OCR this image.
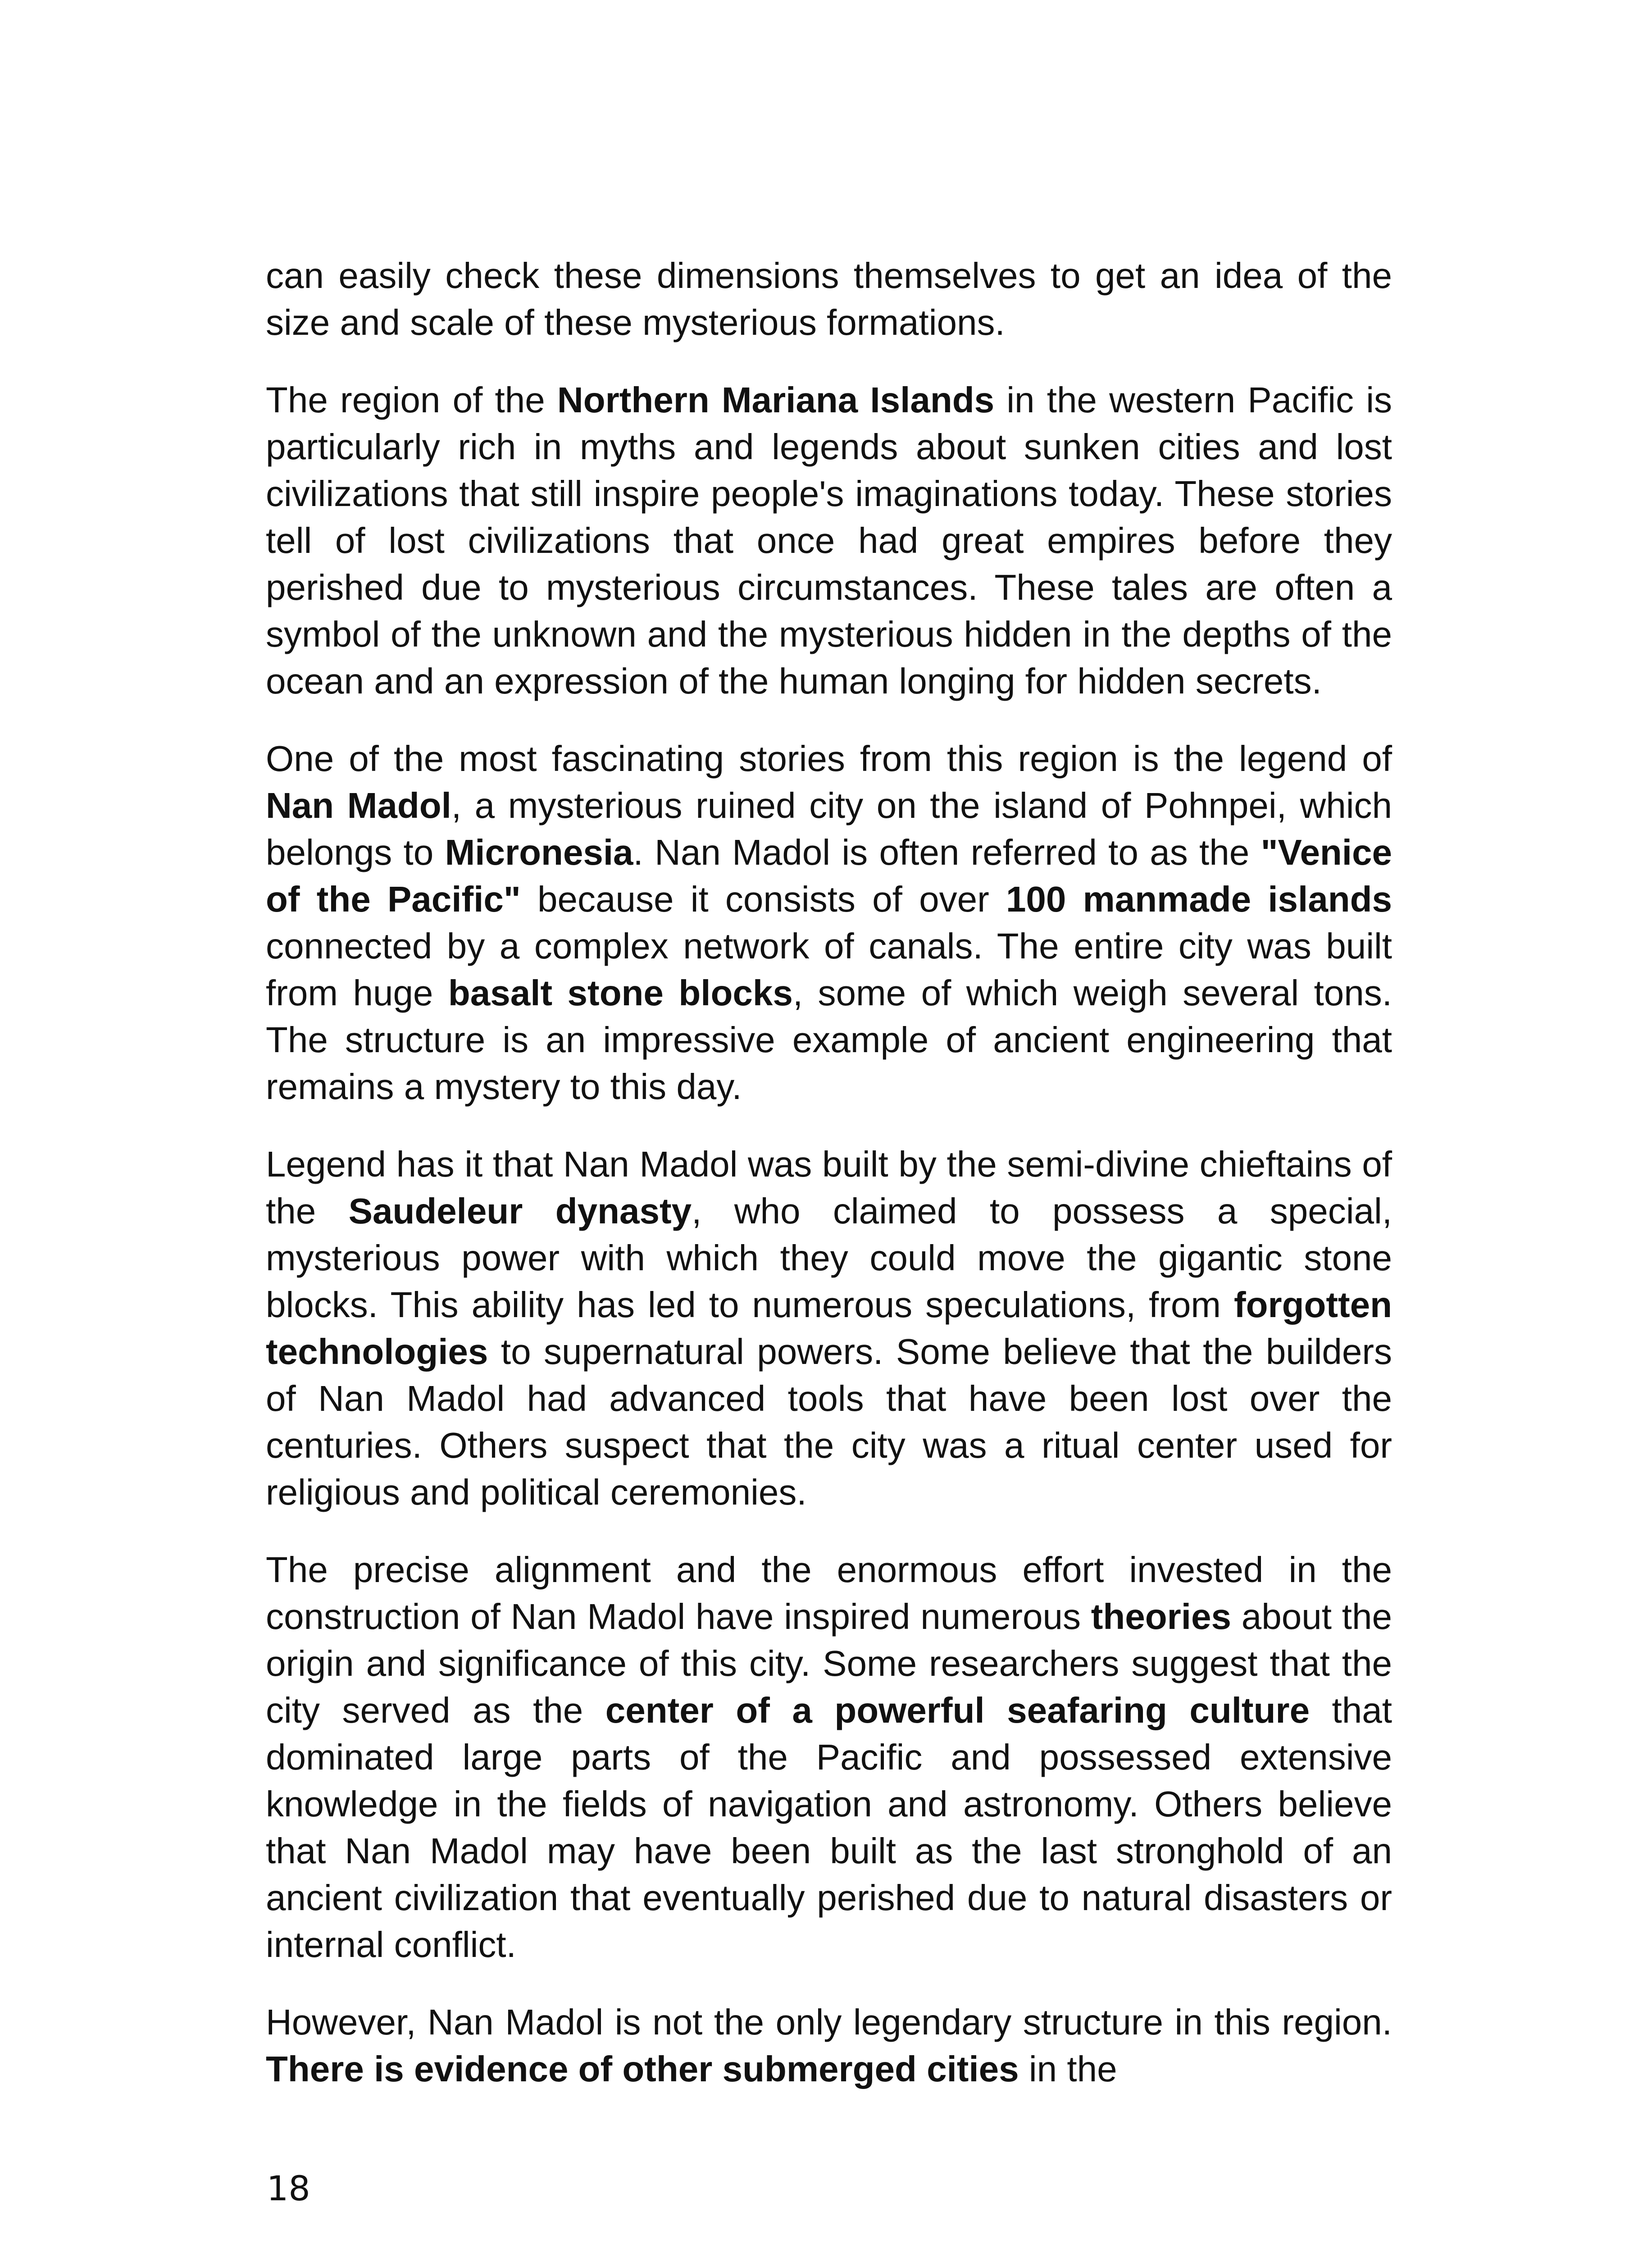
can easily check these dimensions themselves to get an idea of the size and scale of these mysterious formations.

The region of the Northern Mariana Islands in the western Pacific is particularly rich in myths and legends about sunken cities and lost civilizations that still inspire people's imaginations today. These stories tell of lost civilizations that once had great empires before they perished due to mysterious circumstances. These tales are often a symbol of the unknown and the mysterious hidden in the depths of the ocean and an expression of the human longing for hidden secrets.

One of the most fascinating stories from this region is the legend of Nan Madol, a mysterious ruined city on the island of Pohnpei, which belongs to Micronesia. Nan Madol is often referred to as the "Venice of the Pacific" because it consists of over 100 manmade islands connected by a complex network of canals. The entire city was built from huge basalt stone blocks, some of which weigh several tons. The structure is an impressive example of ancient engineering that remains a mystery to this day.

Legend has it that Nan Madol was built by the semi-divine chieftains of the Saudeleur dynasty, who claimed to possess a special, mysterious power with which they could move the gigantic stone blocks. This ability has led to numerous speculations, from forgotten technologies to supernatural powers. Some believe that the builders of Nan Madol had advanced tools that have been lost over the centuries. Others suspect that the city was a ritual center used for religious and political ceremonies.

The precise alignment and the enormous effort invested in the construction of Nan Madol have inspired numerous theories about the origin and significance of this city. Some researchers suggest that the city served as the center of a powerful seafaring culture that dominated large parts of the Pacific and possessed extensive knowledge in the fields of navigation and astronomy. Others believe that Nan Madol may have been built as the last stronghold of an ancient civilization that eventually perished due to natural disasters or internal conflict.

However, Nan Madol is not the only legendary structure in this region. There is evidence of other submerged cities in the

18
